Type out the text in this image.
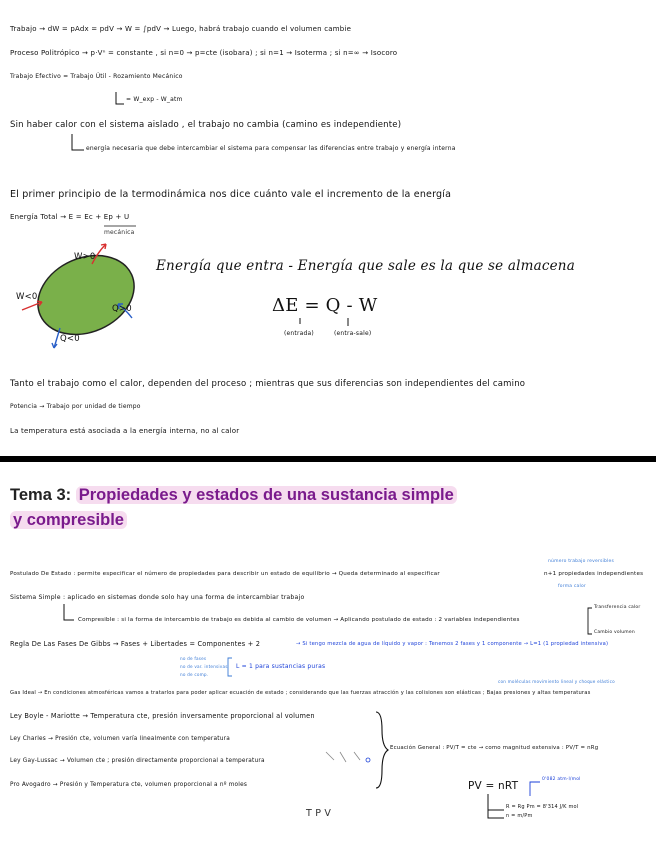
Trabajo → dW = pAdx = pdV → W = ∫pdV → Luego, habrá trabajo cuando el volumen cambie
Proceso Politrópico → p·Vⁿ = constante , si n=0 → p=cte (isobara) ; si n=1 → Isoterma ; si n=∞ → Isocoro
Trabajo Efectivo = Trabajo Útil - Rozamiento Mecánico
= W_exp - W_atm
Sin haber calor con el sistema aislado , el trabajo no cambia (camino es independiente)
energía necesaria que debe intercambiar el sistema para compensar las diferencias entre trabajo y energía interna
El primer principio de la termodinámica nos dice cuánto vale el incremento de la energía
Energía Total → E = Ec + Ep + U
mecánica
W>0
W<0
Q>0
Q<0
Energía que entra - Energía que sale es la que se almacena
ΔE = Q - W
(entrada)	(entra-sale)
Tanto el trabajo como el calor, dependen del proceso ; mientras que sus diferencias son independientes del camino
Potencia → Trabajo por unidad de tiempo
La temperatura está asociada a la energía interna, no al calor
Tema 3: Propiedades y estados de una sustancia simple
y compresible
Postulado De Estado : permite especificar el número de propiedades para describir un estado de equilibrio → Queda determinado al especificar	n+1 propiedades independientes
número trabajo reversibles
forma calor
Sistema Simple : aplicado en sistemas donde solo hay una forma de intercambiar trabajo
Compresible : si la forma de intercambio de trabajo es debida al cambio de volumen → Aplicando postulado de estado : 2 variables independientes
Transferencia calor
Cambio volumen
Regla De Las Fases De Gibbs → Fases + Libertades = Componentes + 2	→ Si tengo mezcla de agua de líquido y vapor : Tenemos 2 fases y 1 componente → L=1 (1 propiedad intensiva)
no de fases
no de var. intensivas
no de comp.
L = 1 para sustancias puras
Gas Ideal → En condiciones atmosféricas vamos a tratarlos para poder aplicar ecuación de estado ; considerando que las fuerzas atracción y las colisiones son elásticas ; Bajas presiones y altas temperaturas
con moléculas movimiento lineal y choque elástico
Ley Boyle - Mariotte → Temperatura cte, presión inversamente proporcional al volumen
Ley Charles → Presión cte, volumen varía linealmente con temperatura
Ley Gay-Lussac → Volumen cte ; presión directamente proporcional a temperatura
Pro Avogadro → Presión y Temperatura cte, volumen proporcional a nº moles
Ecuación General : PV/T = cte → como magnitud extensiva : PV/T = nRg
PV = nRT
0'082 atm·l/mol
R = Rg Pm = 8'314 J/K mol
n = m/Pm
T P V
